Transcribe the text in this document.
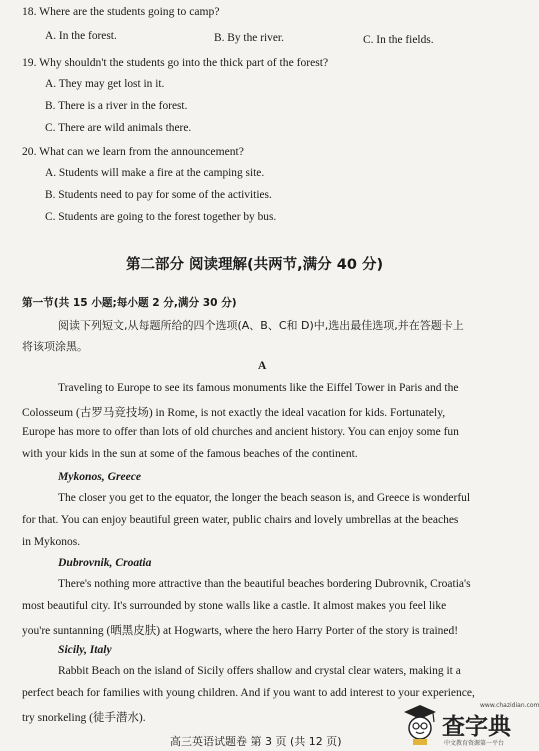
18. Where are the students going to camp?
A. In the forest.	B. By the river.	C. In the fields.
19. Why shouldn't the students go into the thick part of the forest?
A. They may get lost in it.
B. There is a river in the forest.
C. There are wild animals there.
20. What can we learn from the announcement?
A. Students will make a fire at the camping site.
B. Students need to pay for some of the activities.
C. Students are going to the forest together by bus.
第二部分 阅读理解(共两节,满分 40 分)
第一节(共 15 小题;每小题 2 分,满分 30 分)
阅读下列短文,从每题所给的四个选项(A、B、C和 D)中,选出最佳选项,并在答题卡上
将该项涂黑。
A
Traveling to Europe to see its famous monuments like the Eiffel Tower in Paris and the
Colosseum (古罗马竞技场) in Rome, is not exactly the ideal vacation for kids. Fortunately,
Europe has more to offer than lots of old churches and ancient history. You can enjoy some fun
with your kids in the sun at some of the famous beaches of the continent.
Mykonos, Greece
The closer you get to the equator, the longer the beach season is, and Greece is wonderful
for that. You can enjoy beautiful green water, public chairs and lovely umbrellas at the beaches
in Mykonos.
Dubrovnik, Croatia
There's nothing more attractive than the beautiful beaches bordering Dubrovnik, Croatia's
most beautiful city. It's surrounded by stone walls like a castle. It almost makes you feel like
you're suntanning (晒黑皮肤) at Hogwarts, where the hero Harry Porter of the story is trained!
Sicily, Italy
Rabbit Beach on the island of Sicily offers shallow and crystal clear waters, making it a
perfect beach for families with young children. And if you want to add interest to your experience,
try snorkeling (徒手潜水).
高三英语试题卷 第 3 页 (共 12 页)
查字典
www.chazidian.com
中文教育资源第一平台
